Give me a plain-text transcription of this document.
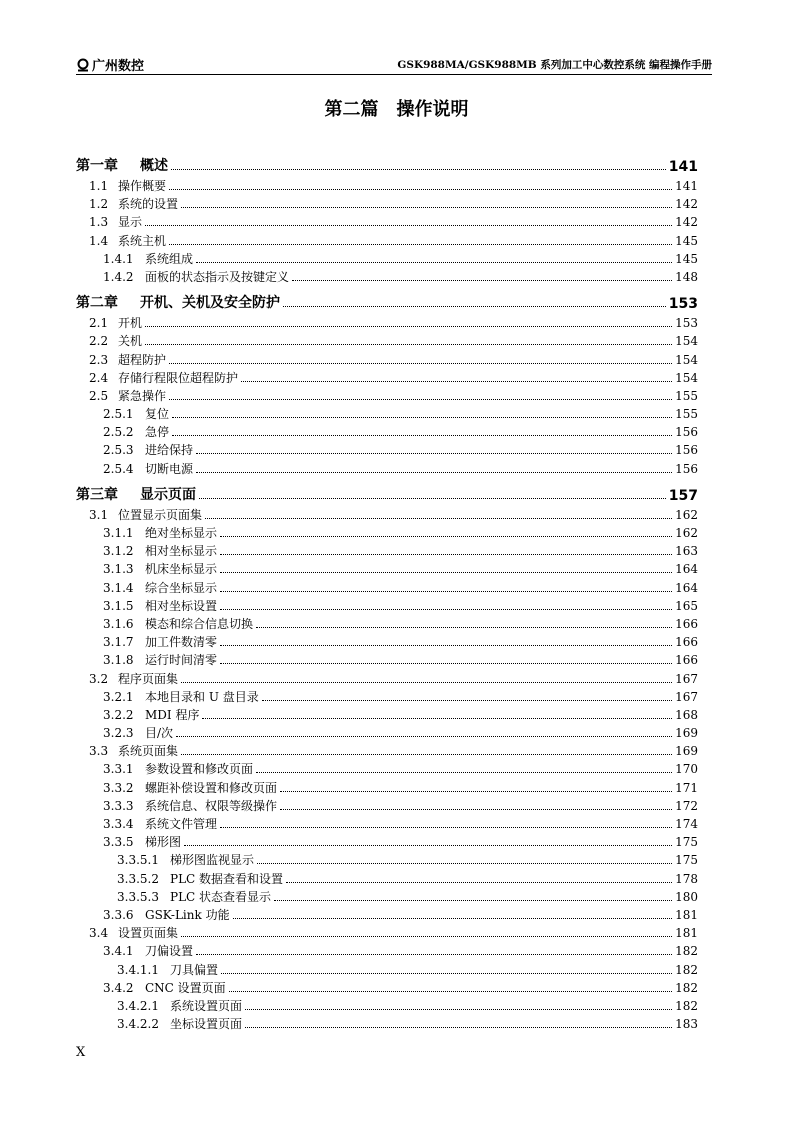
广州数控	GSK988MA/GSK988MB 系列加工中心数控系统 编程操作手册
第二篇 操作说明
第一章	概述	141
1.1 操作概要	141
1.2 系统的设置	142
1.3 显示	142
1.4 系统主机	145
1.4.1 系统组成	145
1.4.2 面板的状态指示及按键定义	148
第二章	开机、关机及安全防护	153
2.1 开机	153
2.2 关机	154
2.3 超程防护	154
2.4 存储行程限位超程防护	154
2.5 紧急操作	155
2.5.1 复位	155
2.5.2 急停	156
2.5.3 进给保持	156
2.5.4 切断电源	156
第三章	显示页面	157
3.1 位置显示页面集	162
3.1.1 绝对坐标显示	162
3.1.2 相对坐标显示	163
3.1.3 机床坐标显示	164
3.1.4 综合坐标显示	164
3.1.5 相对坐标设置	165
3.1.6 模态和综合信息切换	166
3.1.7 加工件数清零	166
3.1.8 运行时间清零	166
3.2 程序页面集	167
3.2.1 本地目录和 U 盘目录	167
3.2.2 MDI 程序	168
3.2.3 目/次	169
3.3 系统页面集	169
3.3.1 参数设置和修改页面	170
3.3.2 螺距补偿设置和修改页面	171
3.3.3 系统信息、权限等级操作	172
3.3.4 系统文件管理	174
3.3.5 梯形图	175
3.3.5.1 梯形图监视显示	175
3.3.5.2 PLC 数据查看和设置	178
3.3.5.3 PLC 状态查看显示	180
3.3.6 GSK-Link 功能	181
3.4 设置页面集	181
3.4.1 刀偏设置	182
3.4.1.1 刀具偏置	182
3.4.2 CNC 设置页面	182
3.4.2.1 系统设置页面	182
3.4.2.2 坐标设置页面	183
X
